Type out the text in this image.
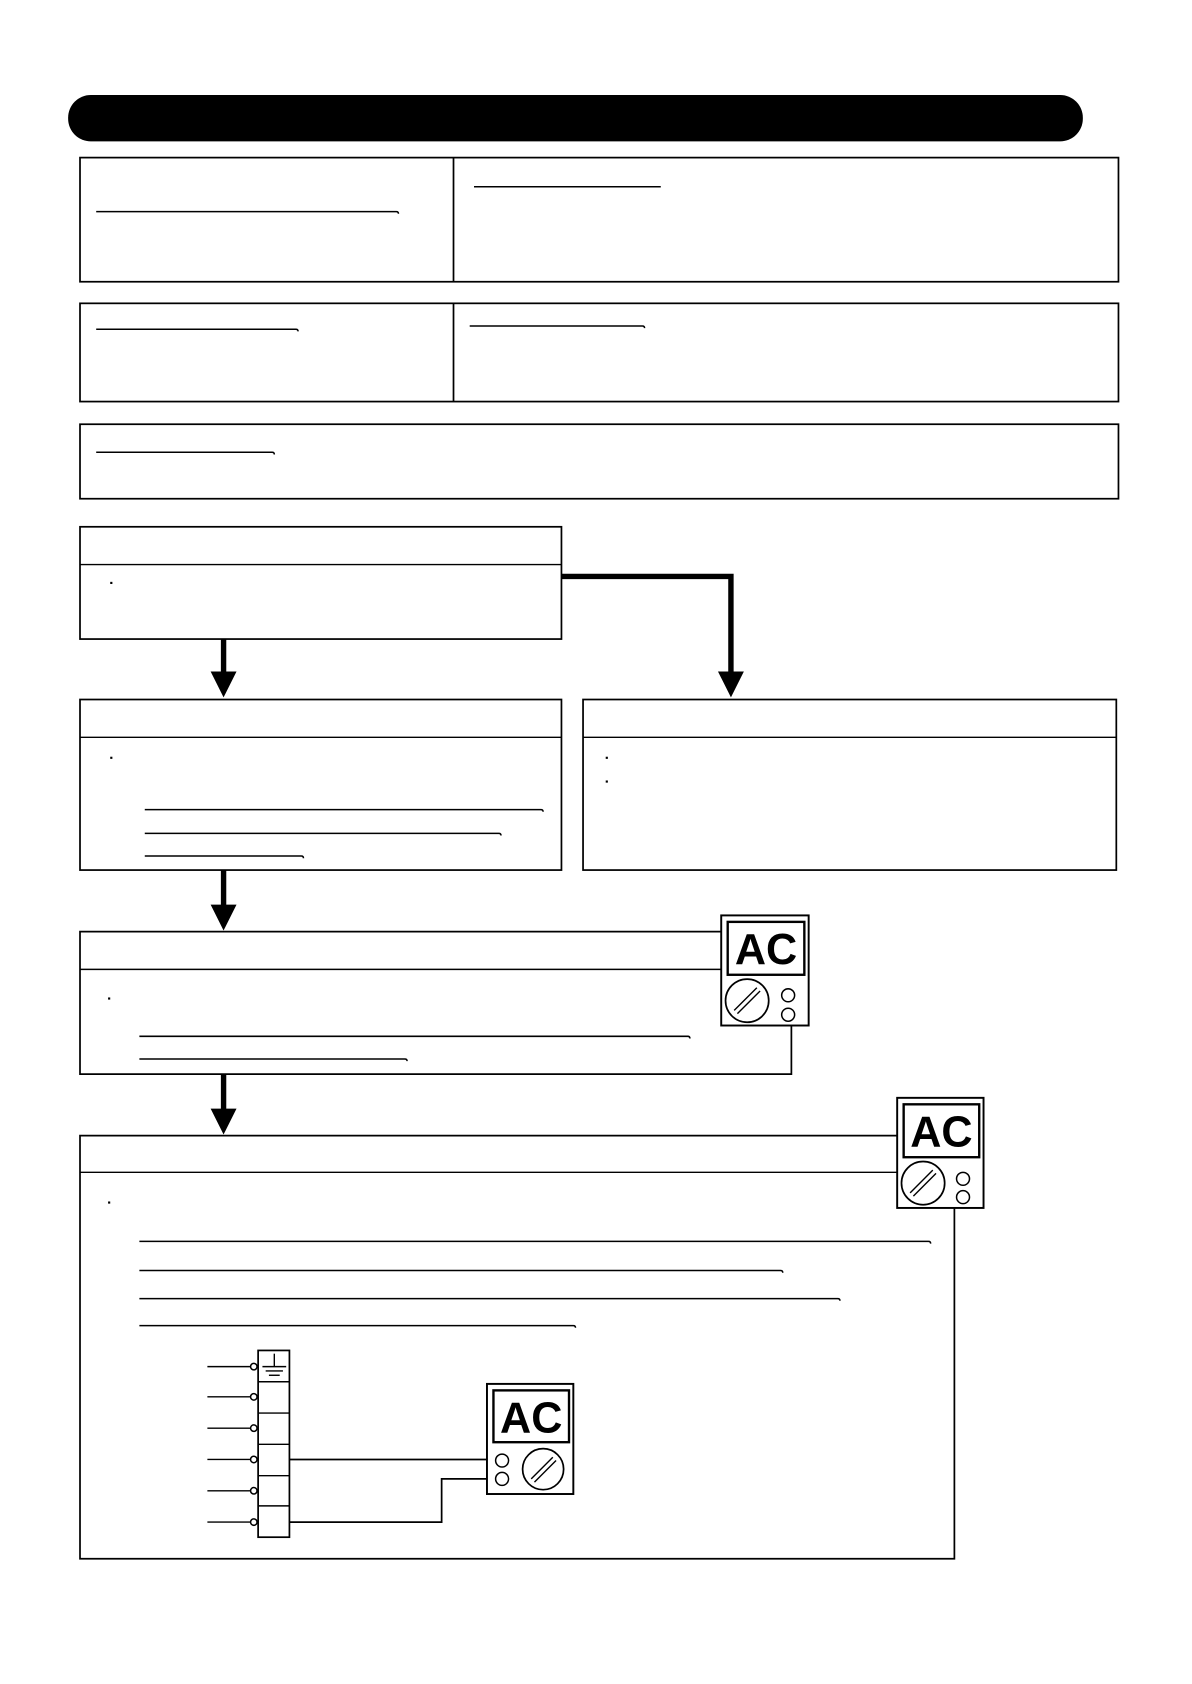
AC
AC
AC
